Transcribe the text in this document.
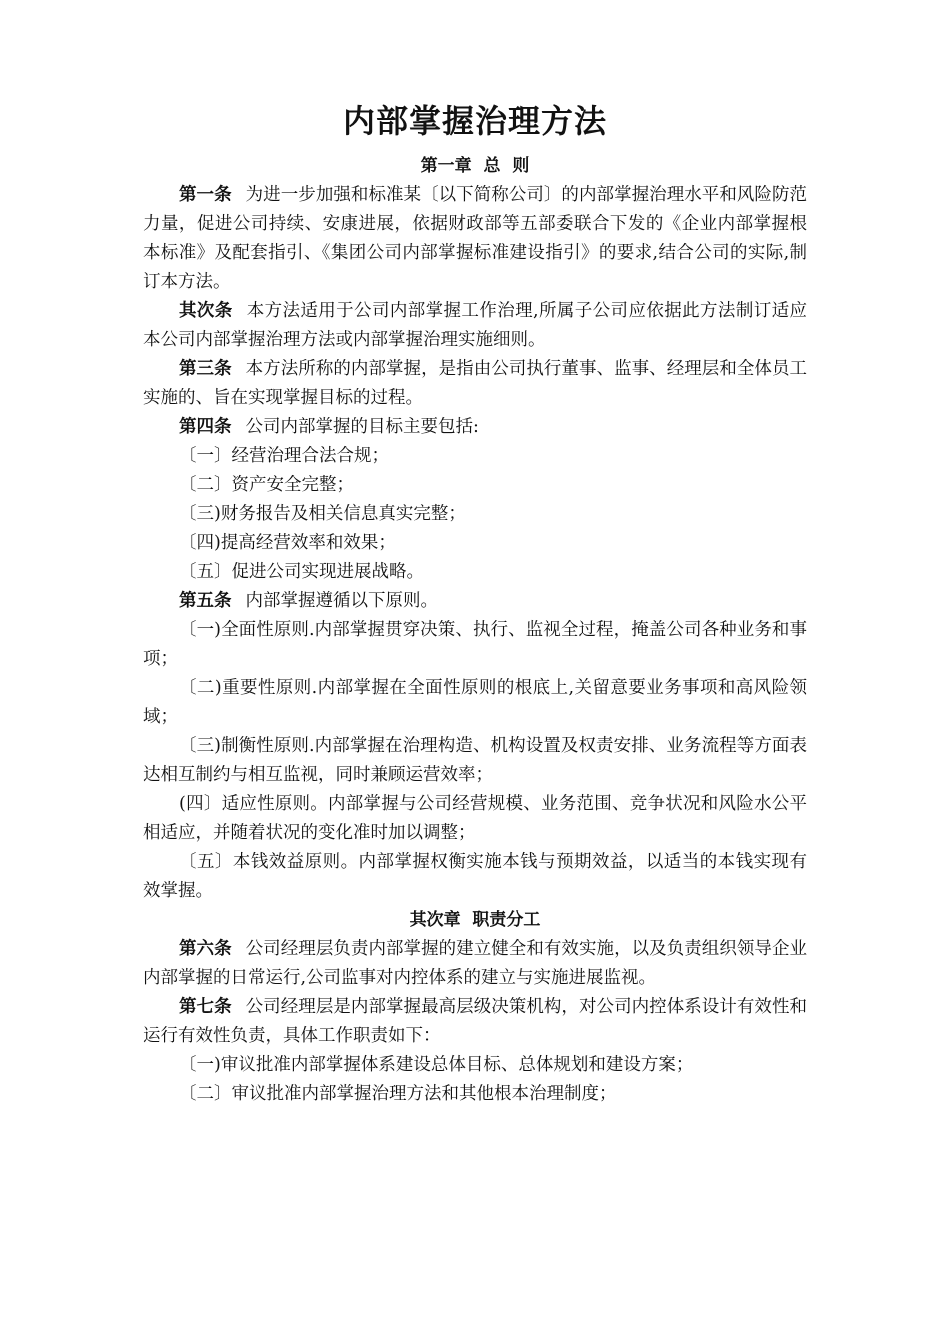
内部掌握治理方法
第一章  总  则

第一条 为进一步加强和标准某〔以下简称公司〕的内部掌握治理水平和风险防范力量，促进公司持续、安康进展，依据财政部等五部委联合下发的《企业内部掌握根本标准》及配套指引、《集团公司内部掌握标准建设指引》的要求,结合公司的实际,制订本方法。

其次条 本方法适用于公司内部掌握工作治理,所属子公司应依据此方法制订适应本公司内部掌握治理方法或内部掌握治理实施细则。

第三条 本方法所称的内部掌握，是指由公司执行董事、监事、经理层和全体员工实施的、旨在实现掌握目标的过程。

第四条 公司内部掌握的目标主要包括:

〔一〕经营治理合法合规；

〔二〕资产安全完整；

〔三)财务报告及相关信息真实完整；

〔四)提高经营效率和效果；

〔五〕促进公司实现进展战略。

第五条 内部掌握遵循以下原则。

〔一)全面性原则.内部掌握贯穿决策、执行、监视全过程，掩盖公司各种业务和事项；

〔二)重要性原则.内部掌握在全面性原则的根底上,关留意要业务事项和高风险领域；

〔三)制衡性原则.内部掌握在治理构造、机构设置及权责安排、业务流程等方面表达相互制约与相互监视，同时兼顾运营效率；

(四〕适应性原则。内部掌握与公司经营规模、业务范围、竞争状况和风险水公平相适应，并随着状况的变化准时加以调整；

〔五〕本钱效益原则。内部掌握权衡实施本钱与预期效益，以适当的本钱实现有效掌握。

其次章  职责分工

第六条 公司经理层负责内部掌握的建立健全和有效实施，以及负责组织领导企业内部掌握的日常运行,公司监事对内控体系的建立与实施进展监视。

第七条 公司经理层是内部掌握最高层级决策机构，对公司内控体系设计有效性和运行有效性负责，具体工作职责如下：

〔一)审议批准内部掌握体系建设总体目标、总体规划和建设方案；

〔二〕审议批准内部掌握治理方法和其他根本治理制度；
